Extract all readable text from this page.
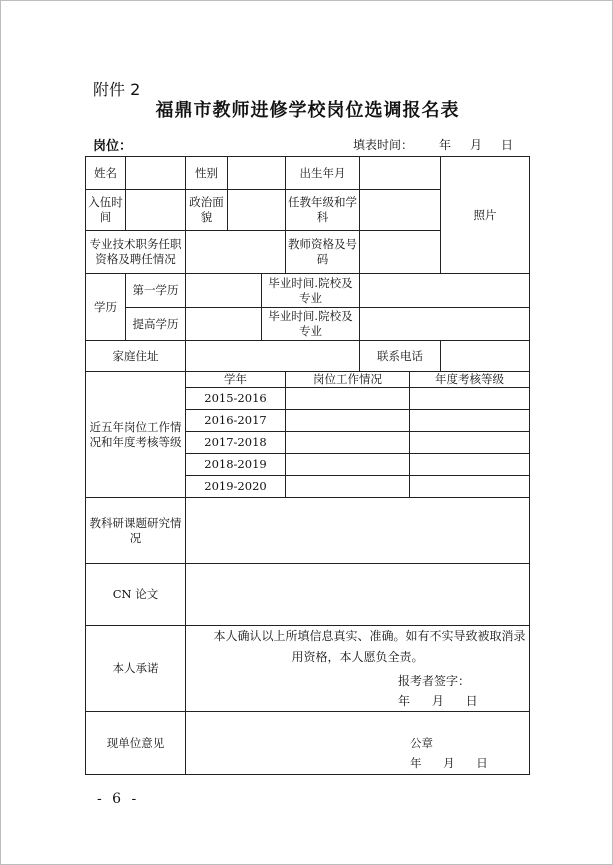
附件 2
福鼎市教师进修学校岗位选调报名表
岗位：	填表时间： 年 月 日
姓名		性别			出生年月			照片
入伍时间		政治面貌			任教年级和学科			
专业技术职务任职资格及聘任情况					教师资格及号码			
学历	第一学历			毕业时间.院校及专业				
	提高学历			毕业时间.院校及专业				
家庭住址						联系电话		
近五年岗位工作情况和年度考核等级		学年			岗位工作情况		年度考核等级	
		2015-2016						
		2016-2017						
		2017-2018						
		2018-2019						
		2019-2020						
教科研课题研究情况								
CN 论文								
本人承诺		本人确认以上所填信息真实、准确。如有不实导致被取消录用资格，本人愿负全责。

报考者签字：
年 月 日						

现单位意见		公章
年 月 日						
- 6 -
